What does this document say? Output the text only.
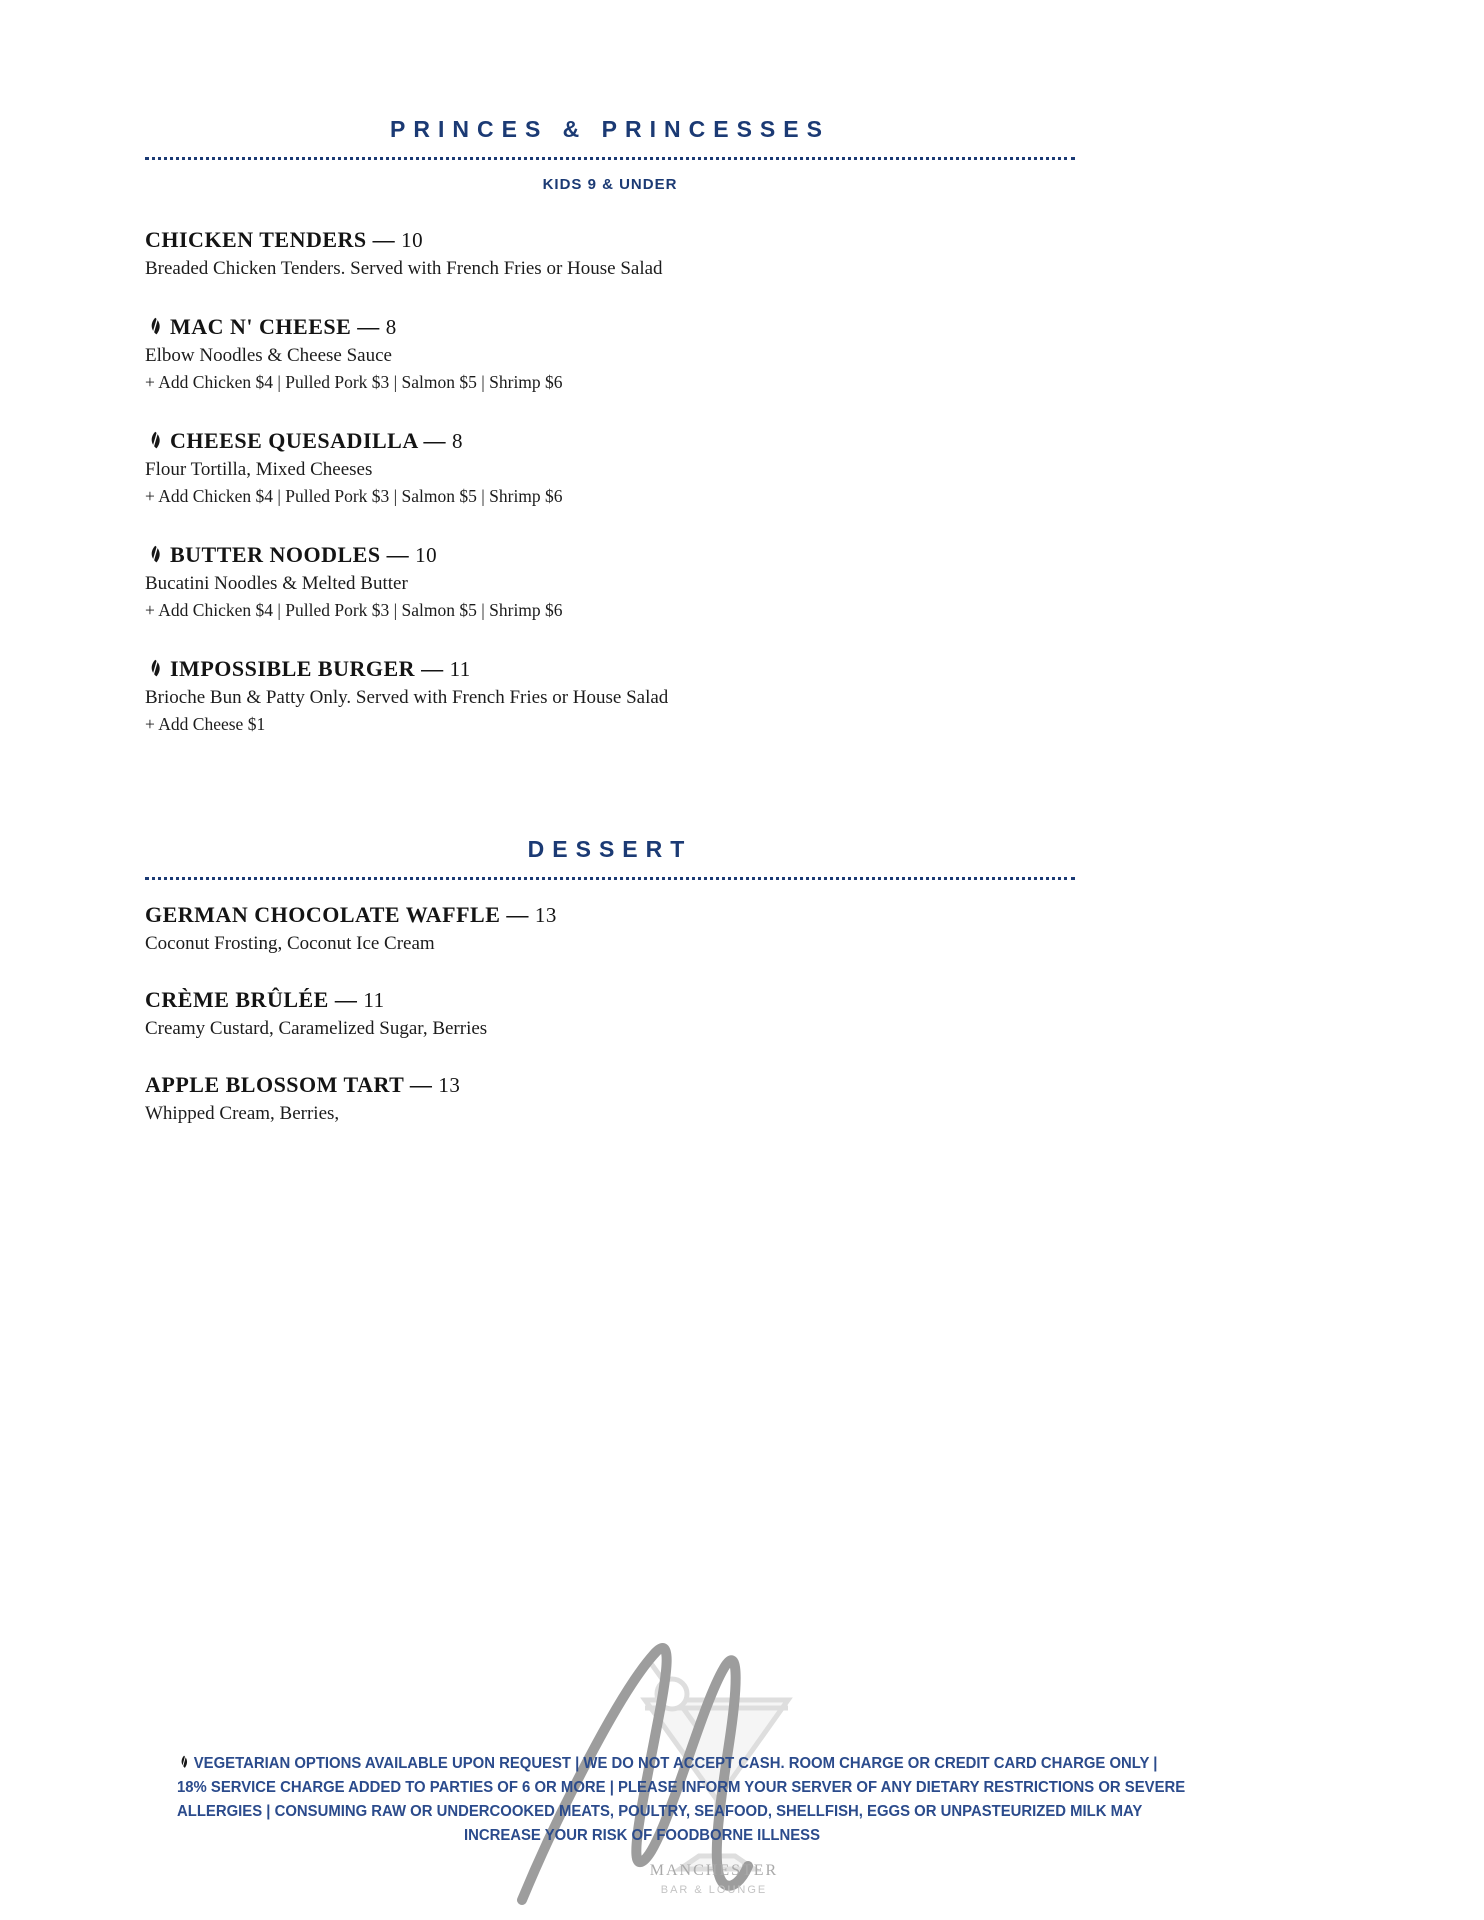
PRINCES & PRINCESSES
KIDS 9 & UNDER
CHICKEN TENDERS — 10
Breaded Chicken Tenders. Served with French Fries or House Salad
MAC N' CHEESE — 8
Elbow Noodles & Cheese Sauce
+ Add Chicken $4 | Pulled Pork $3 | Salmon $5 | Shrimp $6
CHEESE QUESADILLA — 8
Flour Tortilla, Mixed Cheeses
+ Add Chicken $4 | Pulled Pork $3 | Salmon $5 | Shrimp $6
BUTTER NOODLES — 10
Bucatini Noodles & Melted Butter
+ Add Chicken $4 | Pulled Pork $3 | Salmon $5 | Shrimp $6
IMPOSSIBLE BURGER — 11
Brioche Bun & Patty Only. Served with French Fries or House Salad
+ Add Cheese $1
DESSERT
GERMAN CHOCOLATE WAFFLE — 13
Coconut Frosting, Coconut Ice Cream
CRÈME BRÛLÉE — 11
Creamy Custard, Caramelized Sugar, Berries
APPLE BLOSSOM TART — 13
Whipped Cream, Berries,
MANCHESTER
BAR & LOUNGE
VEGETARIAN OPTIONS AVAILABLE UPON REQUEST | WE DO NOT ACCEPT CASH. ROOM CHARGE OR CREDIT CARD CHARGE ONLY |
18% SERVICE CHARGE ADDED TO PARTIES OF 6 OR MORE | PLEASE INFORM YOUR SERVER OF ANY DIETARY RESTRICTIONS OR SEVERE
ALLERGIES | CONSUMING RAW OR UNDERCOOKED MEATS, POULTRY, SEAFOOD, SHELLFISH, EGGS OR UNPASTEURIZED MILK MAY
INCREASE YOUR RISK OF FOODBORNE ILLNESS
